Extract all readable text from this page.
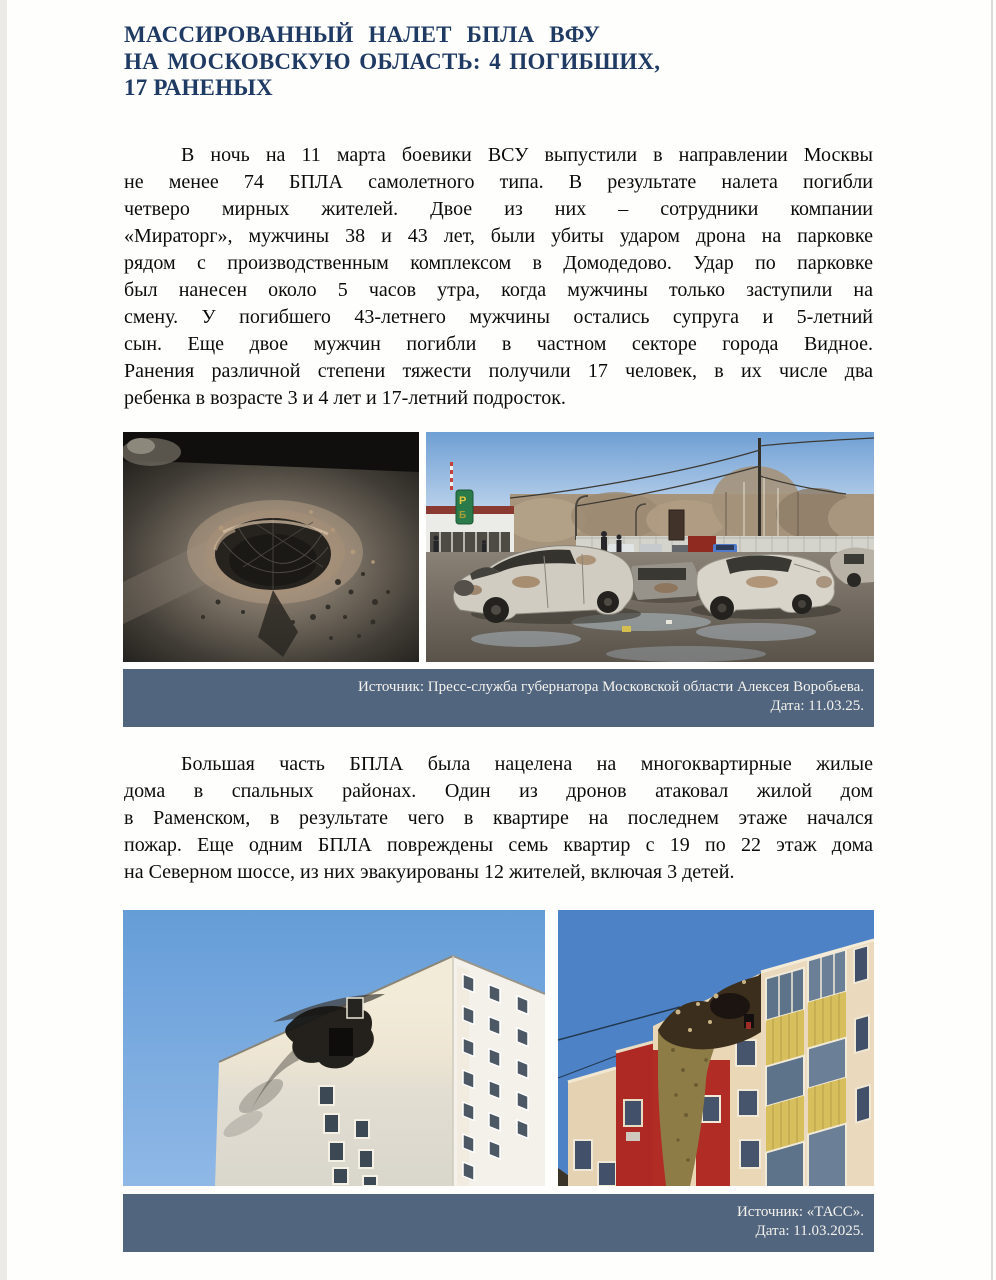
МАССИРОВАННЫЙ НАЛЕТ БПЛА ВФУ
НА МОСКОВСКУЮ ОБЛАСТЬ: 4 ПОГИБШИХ,
17 РАНЕНЫХ
В ночь на 11 марта боевики ВСУ выпустили в направлении Москвы
не менее 74 БПЛА самолетного типа. В результате налета погибли
четверо мирных жителей. Двое из них – сотрудники компании
«Мираторг», мужчины 38 и 43 лет, были убиты ударом дрона на парковке
рядом с производственным комплексом в Домодедово. Удар по парковке
был нанесен около 5 часов утра, когда мужчины только заступили на
смену. У погибшего 43-летнего мужчины остались супруга и 5-летний
сын. Еще двое мужчин погибли в частном секторе города Видное.
Ранения различной степени тяжести получили 17 человек, в их числе два
ребенка в возрасте 3 и 4 лет и 17-летний подросток.
Р
Б
Источник: Пресс-служба губернатора Московской области Алексея Воробьева.
Дата: 11.03.25.
Большая часть БПЛА была нацелена на многоквартирные жилые
дома в спальных районах. Один из дронов атаковал жилой дом
в Раменском, в результате чего в квартире на последнем этаже начался
пожар. Еще одним БПЛА повреждены семь квартир с 19 по 22 этаж дома
на Северном шоссе, из них эвакуированы 12 жителей, включая 3 детей.
Источник: «ТАСС».
Дата: 11.03.2025.
